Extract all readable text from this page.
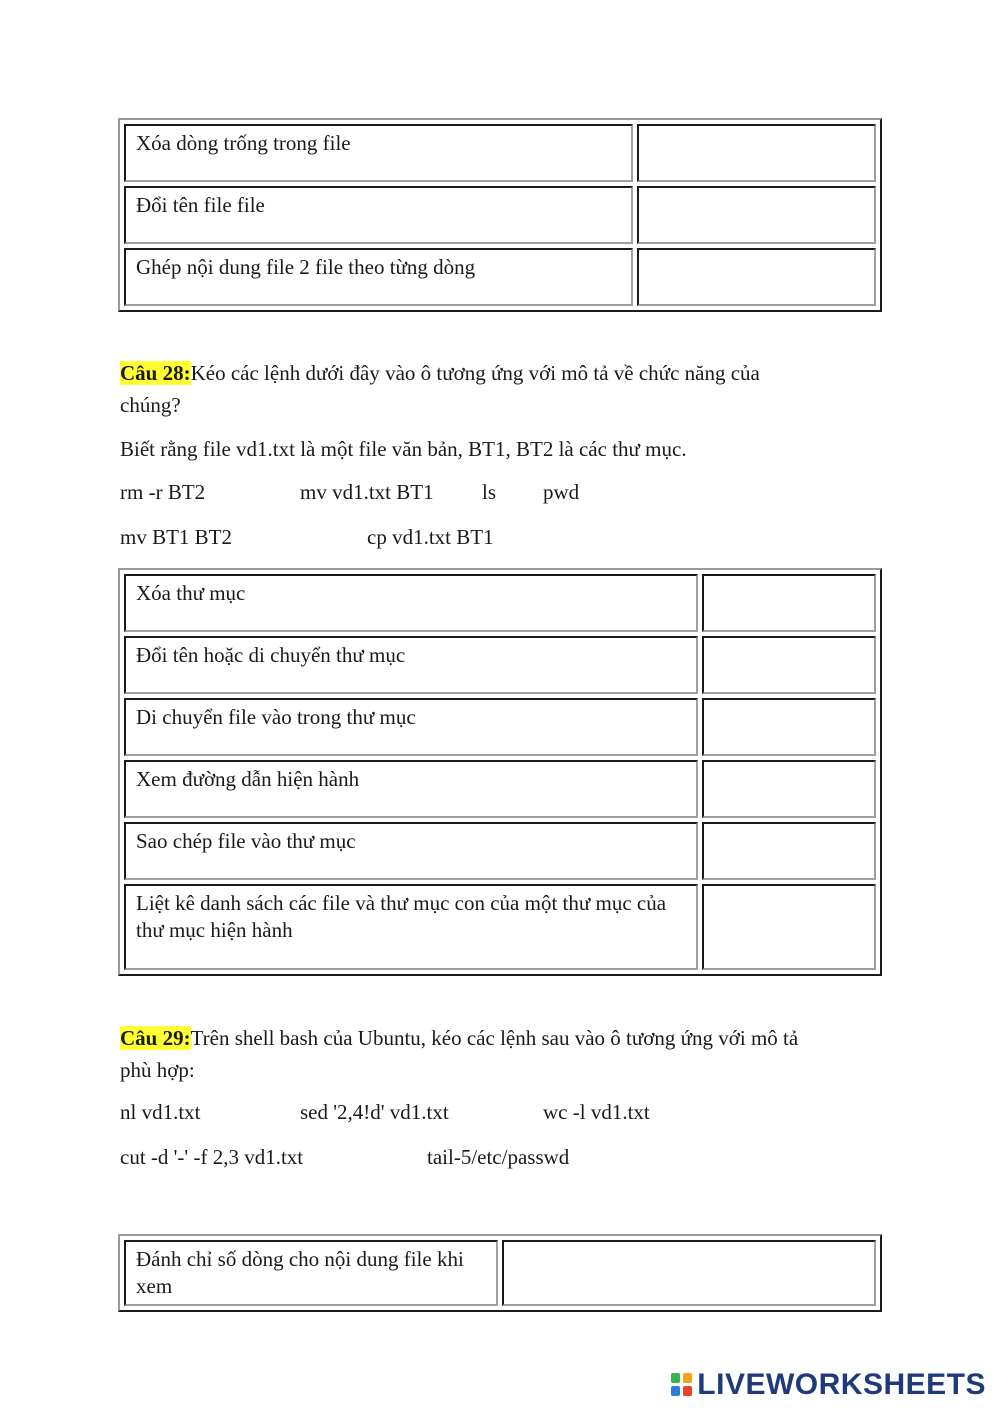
Xóa dòng trống trong file	
Đổi tên file file	
Ghép nội dung file 2 file theo từng dòng	
Câu 28:Kéo các lệnh dưới đây vào ô tương ứng với mô tả về chức năng của
chúng?
Biết rằng file vd1.txt là một file văn bản, BT1, BT2 là các thư mục.
rm -r BT2	mv vd1.txt BT1 ls pwd
mv BT1 BT2	cp vd1.txt BT1
Xóa thư mục	
Đổi tên hoặc di chuyển thư mục	
Di chuyển file vào trong thư mục	
Xem đường dẫn hiện hành	
Sao chép file vào thư mục	
Liệt kê danh sách các file và thư mục con của một thư mục của thư mục hiện hành	
Câu 29:Trên shell bash của Ubuntu, kéo các lệnh sau vào ô tương ứng với mô tả
phù hợp:
nl vd1.txt	sed '2,4!d' vd1.txt	wc -l vd1.txt
cut -d '-' -f 2,3 vd1.txt	tail-5/etc/passwd
Đánh chỉ số dòng cho nội dung file khi xem	
LIVEWORKSHEETS
